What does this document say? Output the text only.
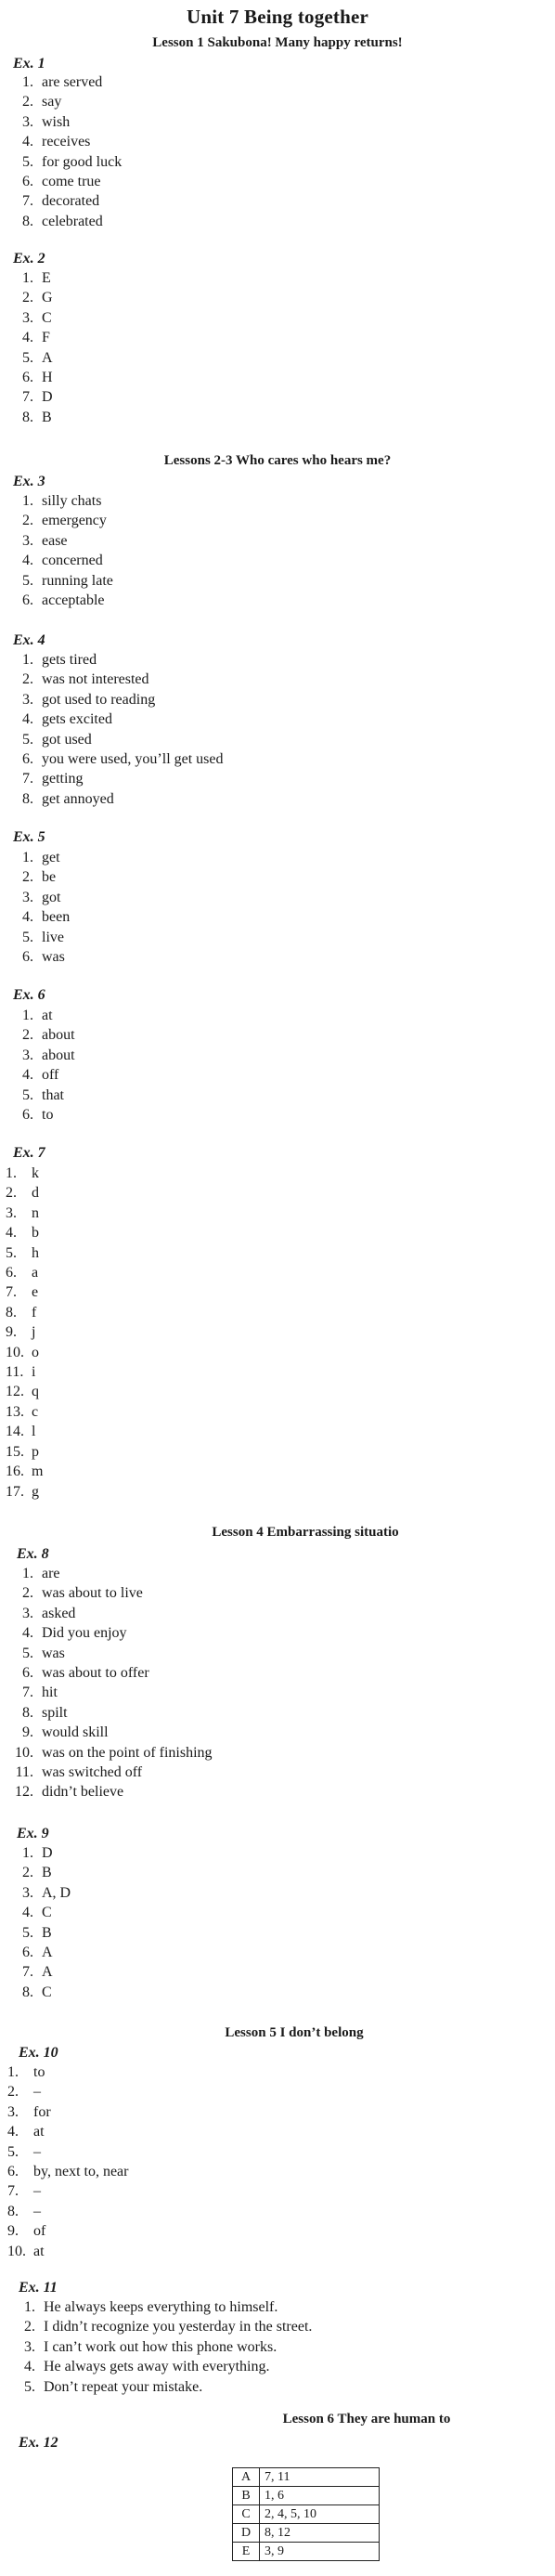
Unit 7 Being together
Lesson 1 Sakubona! Many happy returns!
Ex. 1
1. are served
2. say
3. wish
4. receives
5. for good luck
6. come true
7. decorated
8. celebrated
Ex. 2
1. E
2. G
3. C
4. F
5. A
6. H
7. D
8. B
Lessons 2-3 Who cares who hears me?
Ex. 3
1. silly chats
2. emergency
3. ease
4. concerned
5. running late
6. acceptable
Ex. 4
1. gets tired
2. was not interested
3. got used to reading
4. gets excited
5. got used
6. you were used, you’ll get used
7. getting
8. get annoyed
Ex. 5
1. get
2. be
3. got
4. been
5. live
6. was
Ex. 6
1. at
2. about
3. about
4. off
5. that
6. to
Ex. 7
1. k
2. d
3. n
4. b
5. h
6. a
7. e
8. f
9. j
10. o
11. i
12. q
13. c
14. l
15. p
16. m
17. g
Lesson 4 Embarrassing situatio
Ex. 8
1. are
2. was about to live
3. asked
4. Did you enjoy
5. was
6. was about to offer
7. hit
8. spilt
9. would skill
10. was on the point of finishing
11. was switched off
12. didn’t believe
Ex. 9
1. D
2. B
3. A, D
4. C
5. B
6. A
7. A
8. C
Lesson 5 I don’t belong
Ex. 10
1. to
2. –
3. for
4. at
5. –
6. by, next to, near
7. –
8. –
9. of
10. at
Ex. 11
1. He always keeps everything to himself.
2. I didn’t recognize you yesterday in the street.
3. I can’t work out how this phone works.
4. He always gets away with everything.
5. Don’t repeat your mistake.
Lesson 6 They are human to
Ex. 12
A	7, 11
B	1, 6
C	2, 4, 5, 10
D	8, 12
E	3, 9
